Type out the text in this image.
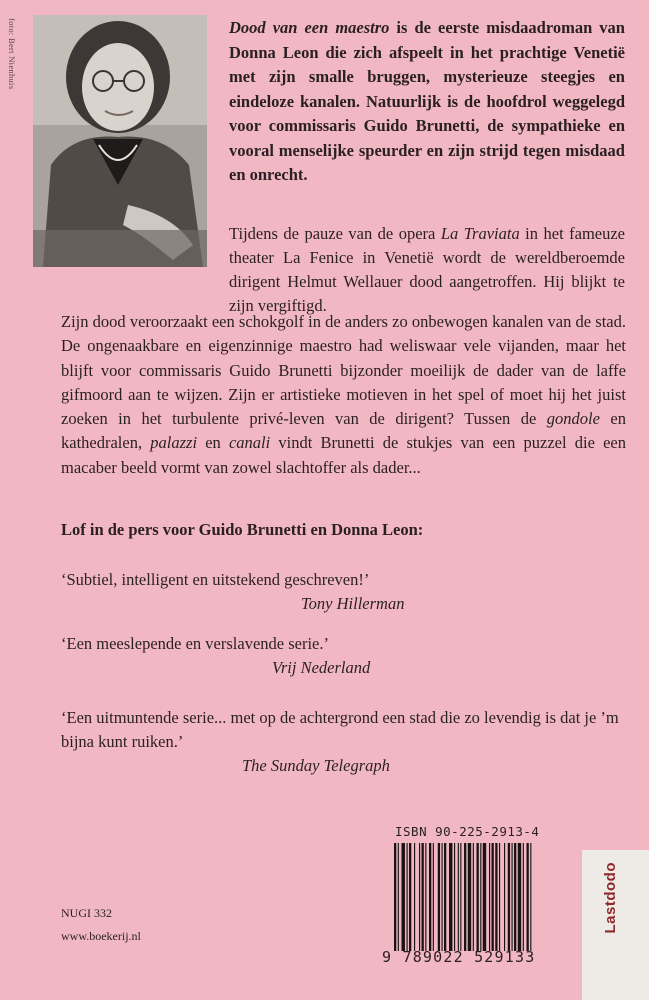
foto: Bert Nienhuis	Dood van een maestro is de eerste misdaadroman van Donna Leon die zich afspeelt in het prachtige Venetië met zijn smalle bruggen, mysterieuze steegjes en eindeloze kanalen. Natuurlijk is de hoofdrol weggelegd voor commissaris Guido Brunetti, de sympathieke en vooral menselijke speurder en zijn strijd tegen misdaad en onrecht.
Tijdens de pauze van de opera La Traviata in het fameuze theater La Fenice in Venetië wordt de wereldberoemde dirigent Helmut Wellauer dood aangetroffen. Hij blijkt te zijn vergiftigd.
Zijn dood veroorzaakt een schokgolf in de anders zo onbewogen kanalen van de stad. De ongenaakbare en eigenzinnige maestro had weliswaar vele vijanden, maar het blijft voor commissaris Guido Brunetti bijzonder moeilijk de dader van de laffe gifmoord aan te wijzen. Zijn er artistieke motieven in het spel of moet hij het juist zoeken in het turbulente privé-leven van de dirigent? Tussen de gondole en kathedralen, palazzi en canali vindt Brunetti de stukjes van een puzzel die een macaber beeld vormt van zowel slachtoffer als dader...
Lof in de pers voor Guido Brunetti en Donna Leon:
‘Subtiel, intelligent en uitstekend geschreven!’
Tony Hillerman
‘Een meeslepende en verslavende serie.’
Vrij Nederland
‘Een uitmuntende serie... met op de achtergrond een stad die zo levendig is dat je ’m bijna kunt ruiken.’
The Sunday Telegraph
ISBN 90-225-2913-4
9 789022 529133
NUGI 332
www.boekerij.nl
Lastdodo
